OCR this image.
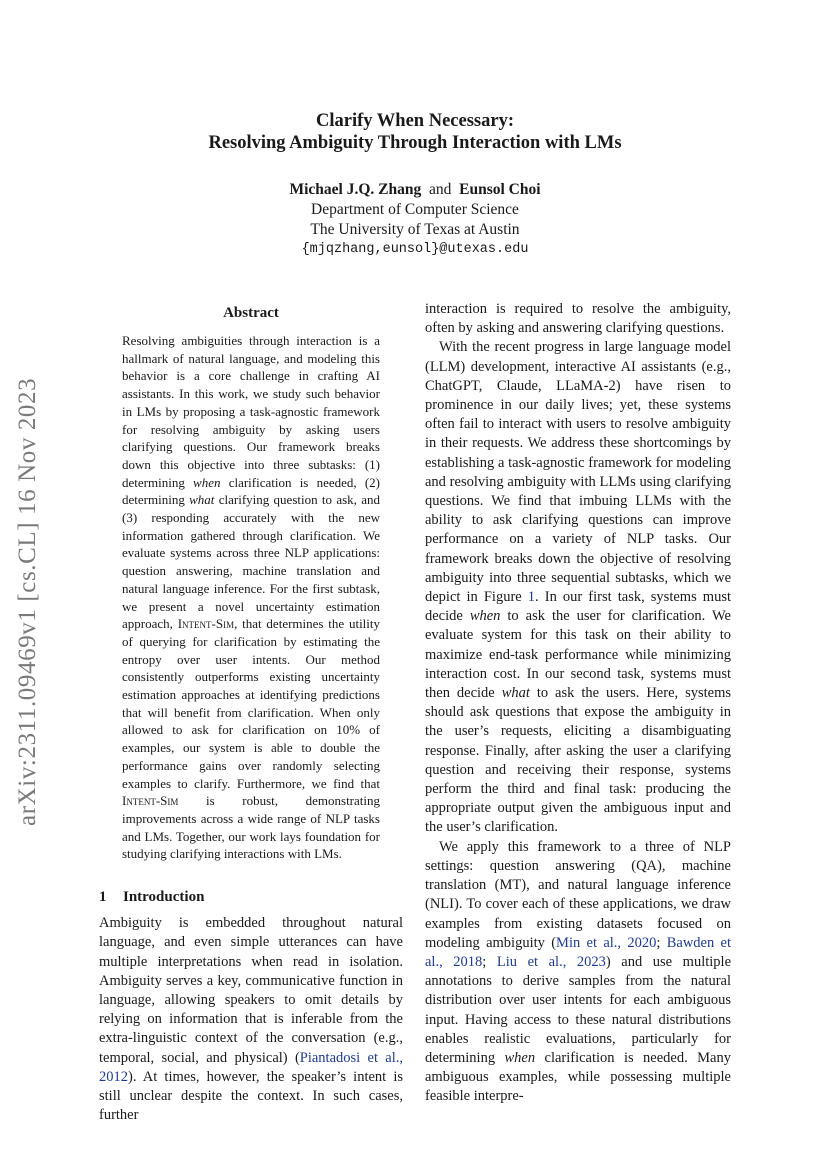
arXiv:2311.09469v1 [cs.CL] 16 Nov 2023
Clarify When Necessary:
Resolving Ambiguity Through Interaction with LMs
Michael J.Q. Zhang and Eunsol Choi
Department of Computer Science
The University of Texas at Austin
{mjqzhang,eunsol}@utexas.edu
Abstract
Resolving ambiguities through interaction is a hallmark of natural language, and modeling this behavior is a core challenge in crafting AI assistants. In this work, we study such behavior in LMs by proposing a task-agnostic framework for resolving ambiguity by asking users clarifying questions. Our framework breaks down this objective into three subtasks: (1) determining when clarification is needed, (2) determining what clarifying question to ask, and (3) responding accurately with the new information gathered through clarification. We evaluate systems across three NLP applications: question answering, machine translation and natural language inference. For the first subtask, we present a novel uncertainty estimation approach, Intent-Sim, that determines the utility of querying for clarification by estimating the entropy over user intents. Our method consistently outperforms existing uncertainty estimation approaches at identifying predictions that will benefit from clarification. When only allowed to ask for clarification on 10% of examples, our system is able to double the performance gains over randomly selecting examples to clarify. Furthermore, we find that Intent-Sim is robust, demonstrating improvements across a wide range of NLP tasks and LMs. Together, our work lays foundation for studying clarifying interactions with LMs.
1 Introduction

Ambiguity is embedded throughout natural language, and even simple utterances can have multiple interpretations when read in isolation. Ambiguity serves a key, communicative function in language, allowing speakers to omit details by relying on information that is inferable from the extra-linguistic context of the conversation (e.g., temporal, social, and physical) (Piantadosi et al., 2012). At times, however, the speaker’s intent is still unclear despite the context. In such cases, further

interaction is required to resolve the ambiguity, often by asking and answering clarifying questions.

With the recent progress in large language model (LLM) development, interactive AI assistants (e.g., ChatGPT, Claude, LLaMA-2) have risen to prominence in our daily lives; yet, these systems often fail to interact with users to resolve ambiguity in their requests. We address these shortcomings by establishing a task-agnostic framework for modeling and resolving ambiguity with LLMs using clarifying questions. We find that imbuing LLMs with the ability to ask clarifying questions can improve performance on a variety of NLP tasks. Our framework breaks down the objective of resolving ambiguity into three sequential subtasks, which we depict in Figure 1. In our first task, systems must decide when to ask the user for clarification. We evaluate system for this task on their ability to maximize end-task performance while minimizing interaction cost. In our second task, systems must then decide what to ask the users. Here, systems should ask questions that expose the ambiguity in the user’s requests, eliciting a disambiguating response. Finally, after asking the user a clarifying question and receiving their response, systems perform the third and final task: producing the appropriate output given the ambiguous input and the user’s clarification.

We apply this framework to a three of NLP settings: question answering (QA), machine translation (MT), and natural language inference (NLI). To cover each of these applications, we draw examples from existing datasets focused on modeling ambiguity (Min et al., 2020; Bawden et al., 2018; Liu et al., 2023) and use multiple annotations to derive samples from the natural distribution over user intents for each ambiguous input. Having access to these natural distributions enables realistic evaluations, particularly for determining when clarification is needed. Many ambiguous examples, while possessing multiple feasible interpre-
